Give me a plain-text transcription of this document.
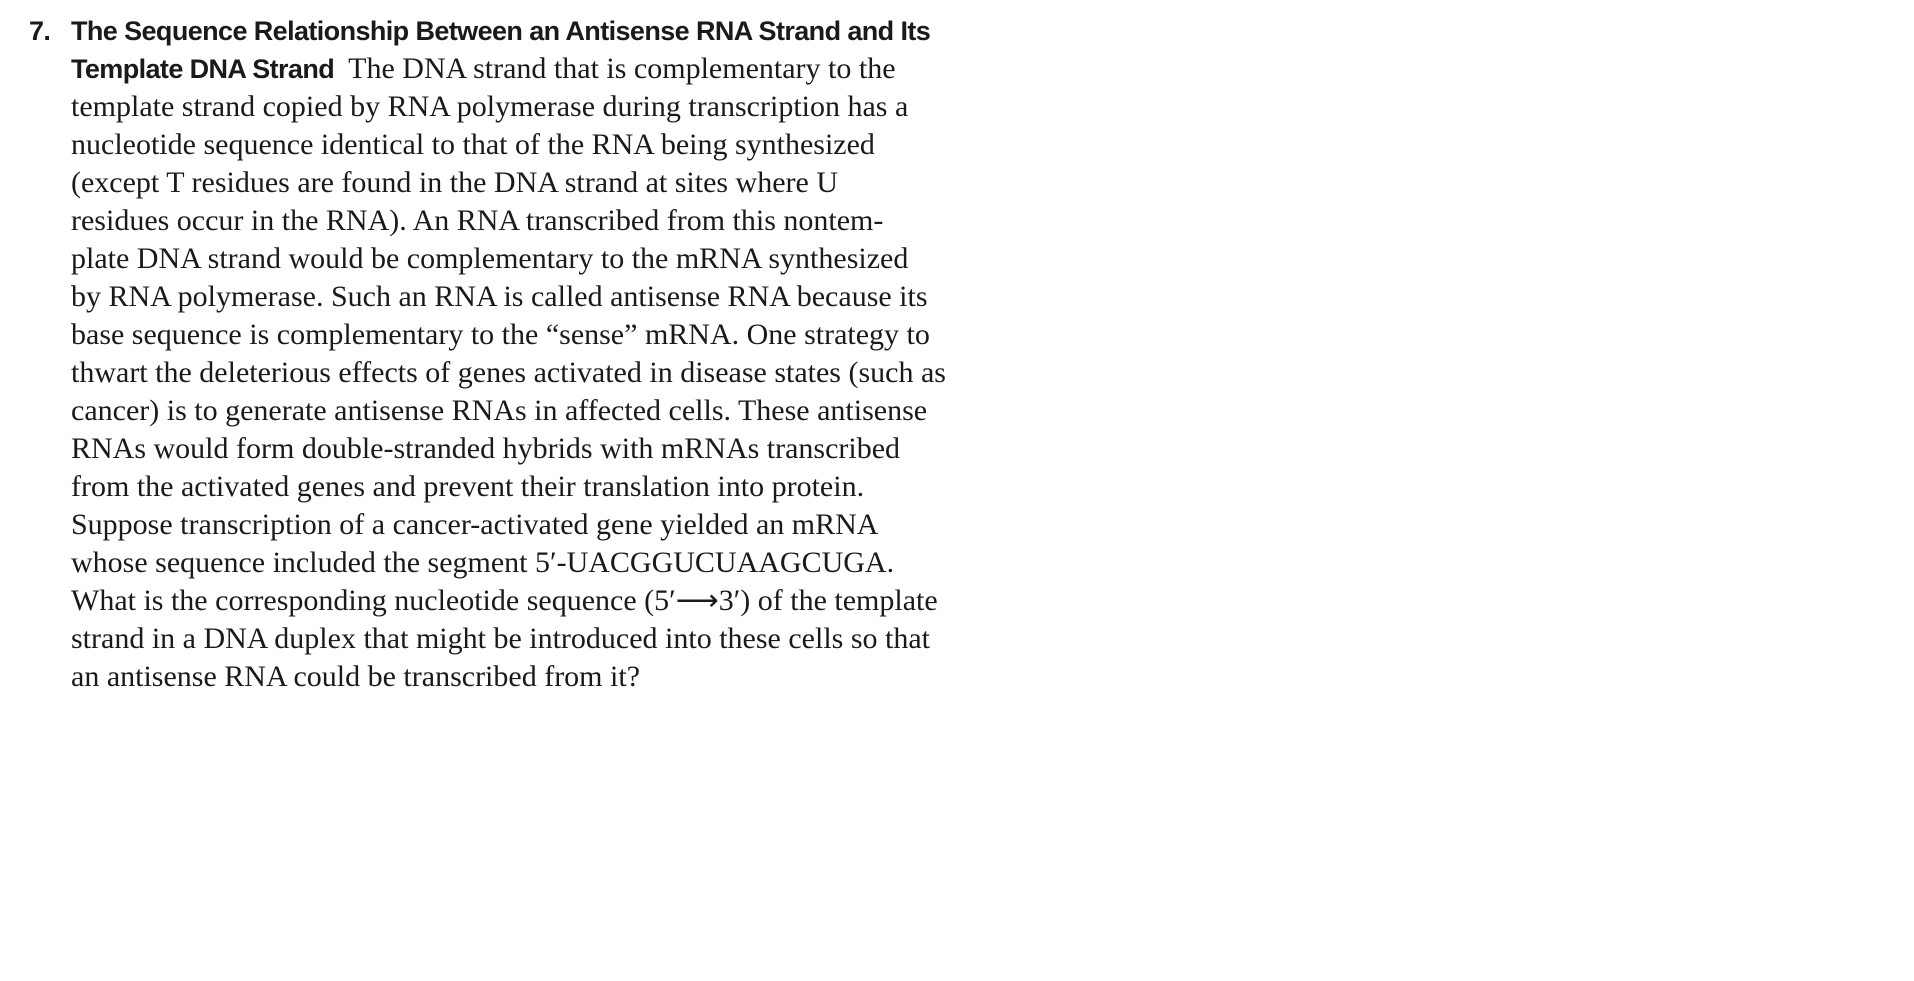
7. The Sequence Relationship Between an Antisense RNA Strand and Its
Template DNA Strand The DNA strand that is complementary to the
template strand copied by RNA polymerase during transcription has a
nucleotide sequence identical to that of the RNA being synthesized
(except T residues are found in the DNA strand at sites where U
residues occur in the RNA). An RNA transcribed from this nontem-
plate DNA strand would be complementary to the mRNA synthesized
by RNA polymerase. Such an RNA is called antisense RNA because its
base sequence is complementary to the “sense” mRNA. One strategy to
thwart the deleterious effects of genes activated in disease states (such as
cancer) is to generate antisense RNAs in affected cells. These antisense
RNAs would form double-stranded hybrids with mRNAs transcribed
from the activated genes and prevent their translation into protein.
Suppose transcription of a cancer-activated gene yielded an mRNA
whose sequence included the segment 5′-UACGGUCUAAGCUGA.
What is the corresponding nucleotide sequence (5′⟶3′) of the template
strand in a DNA duplex that might be introduced into these cells so that
an antisense RNA could be transcribed from it?
